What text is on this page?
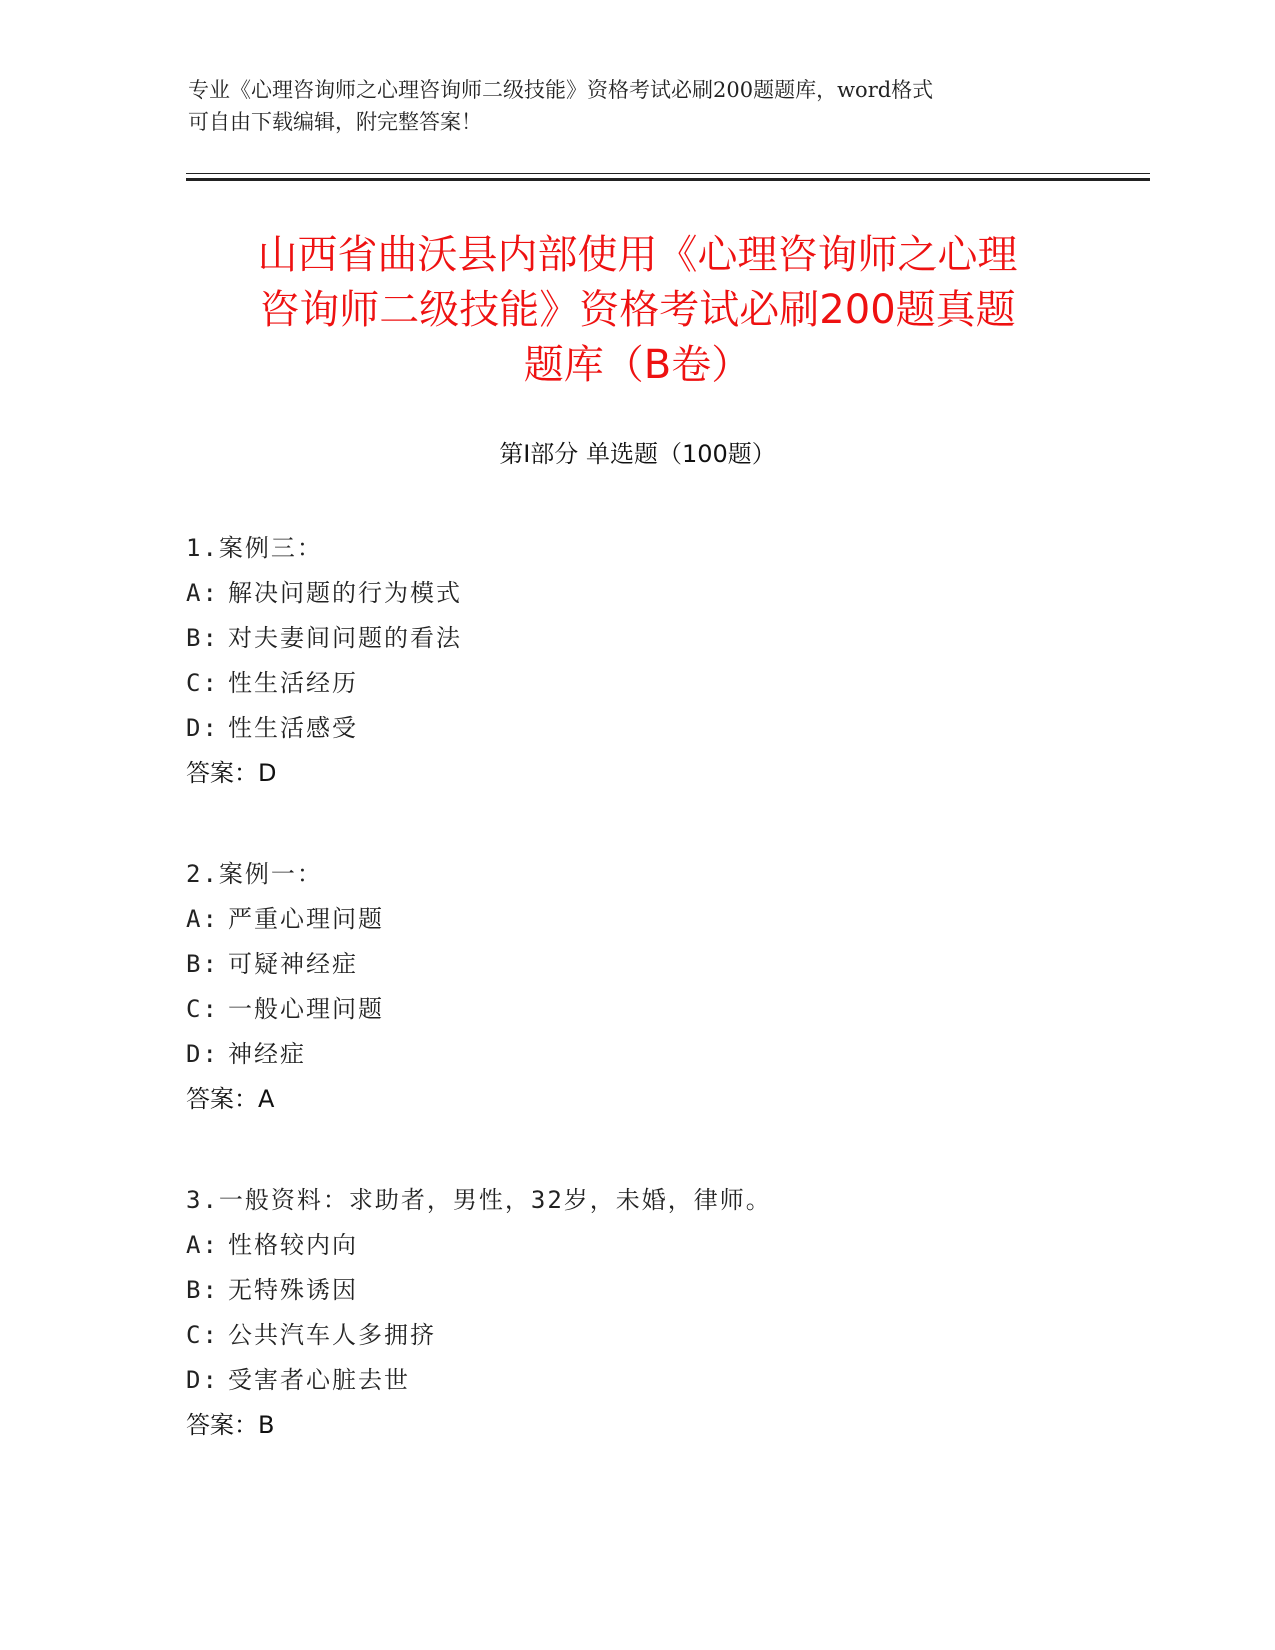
专业《心理咨询师之心理咨询师二级技能》资格考试必刷200题题库，word格式
可自由下载编辑，附完整答案！
山西省曲沃县内部使用《心理咨询师之心理
咨询师二级技能》资格考试必刷200题真题
题库（B卷）
第Ⅰ部分 单选题（100题）
1.案例三：
A: 解决问题的行为模式
B: 对夫妻间问题的看法
C: 性生活经历
D: 性生活感受
答案：D
2.案例一：
A: 严重心理问题
B: 可疑神经症
C: 一般心理问题
D: 神经症
答案：A
3.一般资料：求助者，男性，32岁，未婚，律师。
A: 性格较内向
B: 无特殊诱因
C: 公共汽车人多拥挤
D: 受害者心脏去世
答案：B
